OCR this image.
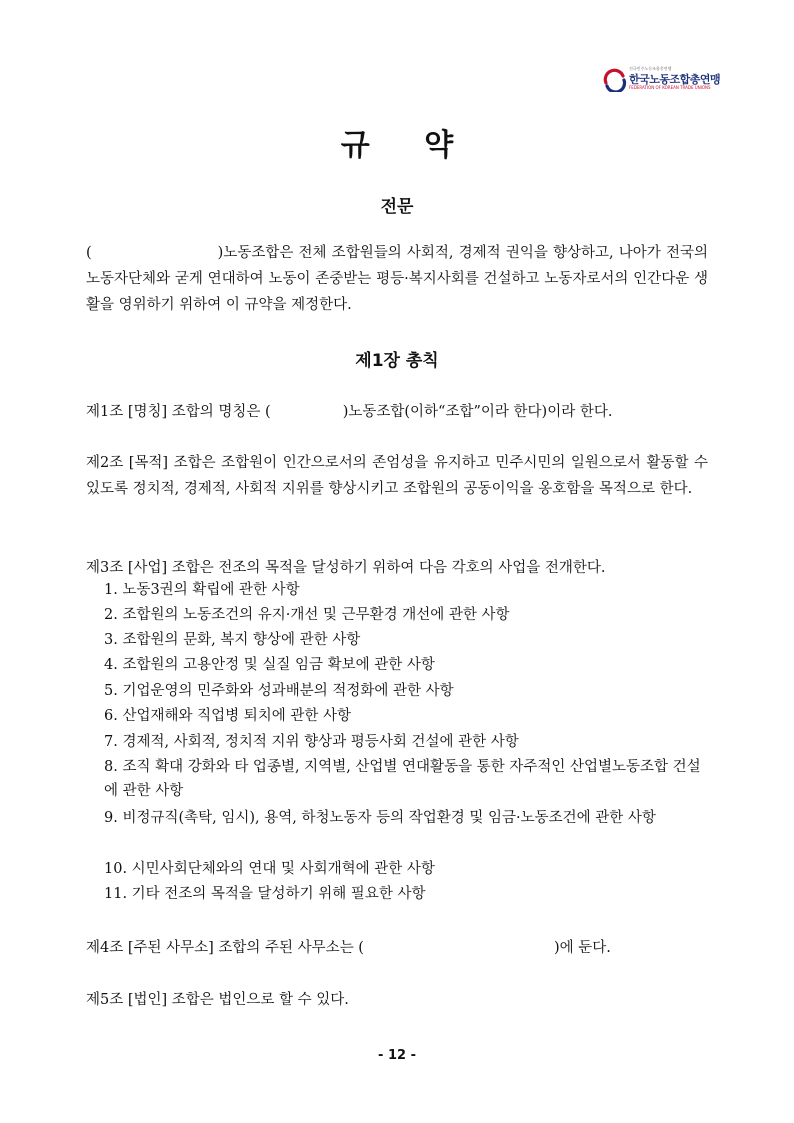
전국민주노동조합총연맹
한국노동조합총연맹
FEDERATION OF KOREAN TRADE UNIONS
규 약
전문

(	)노동조합은 전체 조합원들의 사회적, 경제적 권익을 향상하고, 나아가 전국의 노동자단체와 굳게 연대하여 노동이 존중받는 평등·복지사회를 건설하고 노동자로서의 인간다운 생활을 영위하기 위하여 이 규약을 제정한다.

제1장 총칙

제1조 [명칭] 조합의 명칭은 (	)노동조합(이하“조합”이라 한다)이라 한다.

제2조 [목적] 조합은 조합원이 인간으로서의 존엄성을 유지하고 민주시민의 일원으로서 활동할 수 있도록 정치적, 경제적, 사회적 지위를 향상시키고 조합원의 공동이익을 옹호함을 목적으로 한다.

제3조 [사업] 조합은 전조의 목적을 달성하기 위하여 다음 각호의 사업을 전개한다.

1. 노동3권의 확립에 관한 사항

2. 조합원의 노동조건의 유지·개선 및 근무환경 개선에 관한 사항

3. 조합원의 문화, 복지 향상에 관한 사항

4. 조합원의 고용안정 및 실질 임금 확보에 관한 사항

5. 기업운영의 민주화와 성과배분의 적정화에 관한 사항

6. 산업재해와 직업병 퇴치에 관한 사항

7. 경제적, 사회적, 정치적 지위 향상과 평등사회 건설에 관한 사항

8. 조직 확대 강화와 타 업종별, 지역별, 산업별 연대활동을 통한 자주적인 산업별노동조합 건설에 관한 사항

9. 비정규직(촉탁, 임시), 용역, 하청노동자 등의 작업환경 및 임금·노동조건에 관한 사항

10. 시민사회단체와의 연대 및 사회개혁에 관한 사항

11. 기타 전조의 목적을 달성하기 위해 필요한 사항

제4조 [주된 사무소] 조합의 주된 사무소는 (	)에 둔다.

제5조 [법인] 조합은 법인으로 할 수 있다.

- 12 -
